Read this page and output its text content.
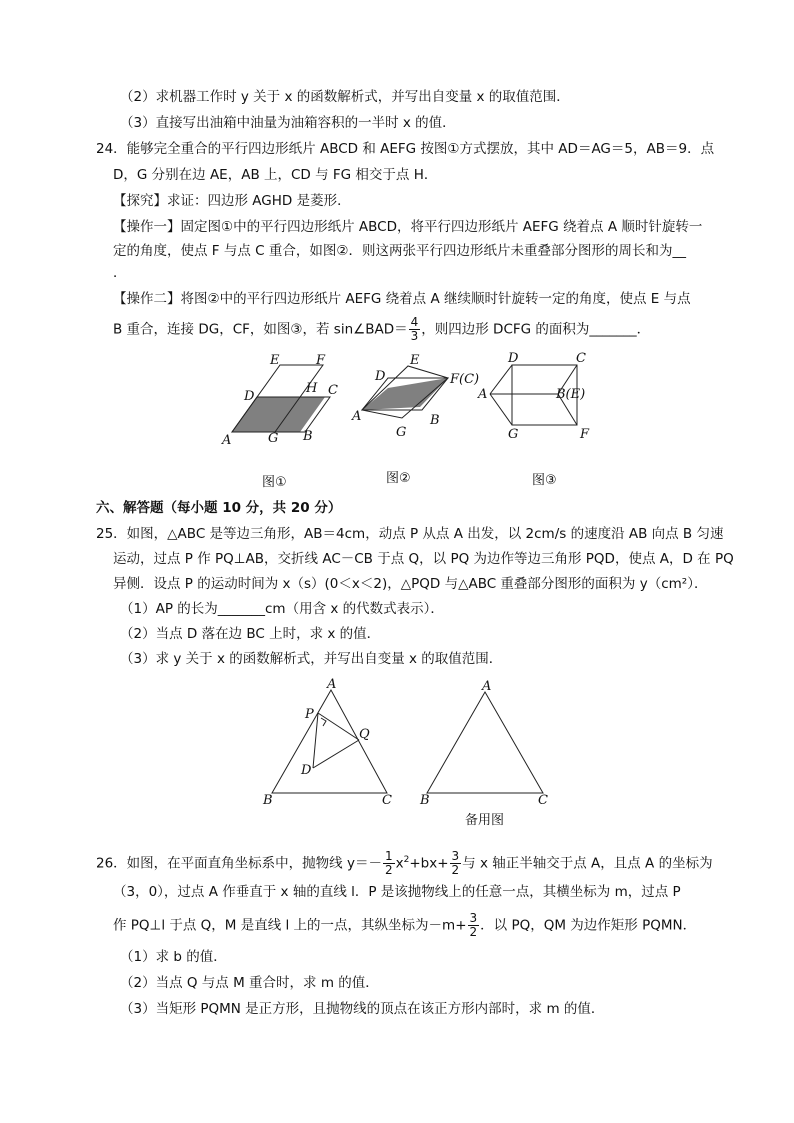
（2）求机器工作时 y 关于 x 的函数解析式，并写出自变量 x 的取值范围．
（3）直接写出油箱中油量为油箱容积的一半时 x 的值．
24．能够完全重合的平行四边形纸片 ABCD 和 AEFG 按图①方式摆放，其中 AD＝AG＝5，AB＝9．点
D，G 分别在边 AE，AB 上，CD 与 FG 相交于点 H．
【探究】求证：四边形 AGHD 是菱形．
【操作一】固定图①中的平行四边形纸片 ABCD，将平行四边形纸片 AEFG 绕着点 A 顺时针旋转一
定的角度，使点 F 与点 C 重合，如图②．则这两张平行四边形纸片未重叠部分图形的周长和为__
．
【操作二】将图②中的平行四边形纸片 AEFG 绕着点 A 继续顺时针旋转一定的角度，使点 E 与点
B 重合，连接 DG，CF，如图③，若 sin∠BAD＝ $\frac{4}{3}$ ，则四边形 DCFG 的面积为_______．
E	F
H C
D
A	G B
图①
E
D	F(C)
A
G
B
图②
D	C
A	B(E)
G	F
图③
六、解答题（每小题 10 分，共 20 分）
25．如图，△ABC 是等边三角形，AB＝4cm，动点 P 从点 A 出发，以 2cm/s 的速度沿 AB 向点 B 匀速
运动，过点 P 作 PQ⊥AB，交折线 AC－CB 于点 Q，以 PQ 为边作等边三角形 PQD，使点 A，D 在 PQ
异侧．设点 P 的运动时间为 x（s）(0＜x＜2)，△PQD 与△ABC 重叠部分图形的面积为 y（cm²）．
（1）AP 的长为_______cm（用含 x 的代数式表示）．
（2）当点 D 落在边 BC 上时，求 x 的值．
（3）求 y 关于 x 的函数解析式，并写出自变量 x 的取值范围．
A
P
Q
D
B	C
A
B	C
备用图
26．如图，在平面直角坐标系中，抛物线 $y=- \frac{1}{2} x^2+bx+ \frac{3}{2}$ 与 x 轴正半轴交于点 A，且点 A 的坐标为
（3，0），过点 A 作垂直于 x 轴的直线 l．P 是该抛物线上的任意一点，其横坐标为 m，过点 P
作 PQ⊥l 于点 Q，M 是直线 l 上的一点，其纵坐标为$-m+ \frac{3}{2}$ ．以 PQ，QM 为边作矩形 PQMN．
（1）求 b 的值．
（2）当点 Q 与点 M 重合时，求 m 的值．
（3）当矩形 PQMN 是正方形，且抛物线的顶点在该正方形内部时，求 m 的值．
